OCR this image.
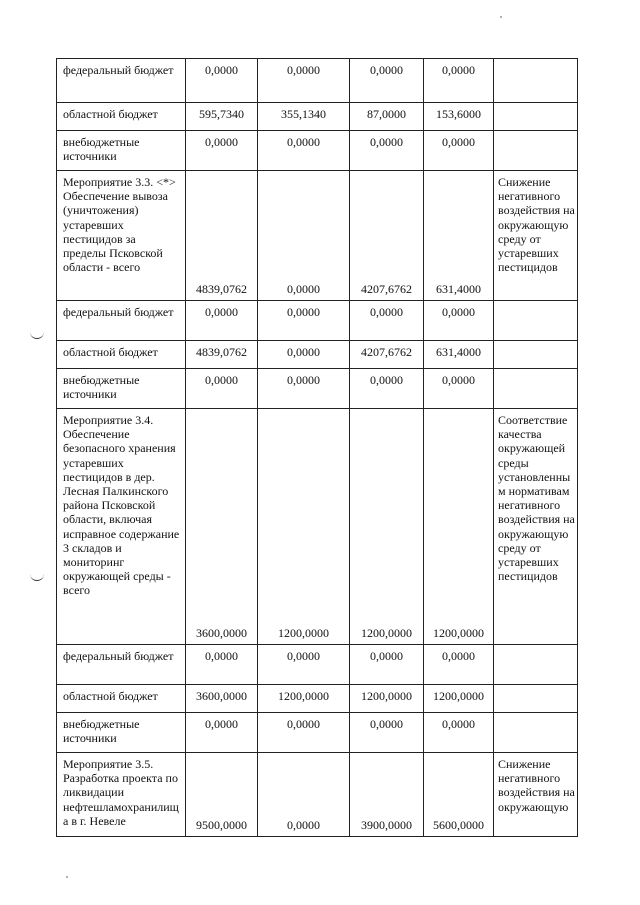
федеральный бюджет	0,0000	0,0000	0,0000	0,0000	
областной бюджет	595,7340	355,1340	87,0000	153,6000	
внебюджетные источники	0,0000	0,0000	0,0000	0,0000	
Мероприятие 3.3. <*> Обеспечение вывоза (уничтожения) устаревших пестицидов за пределы Псковской области - всего	4839,0762	0,0000	4207,6762	631,4000	Снижение негативного воздействия на окружающую среду от устаревших пестицидов
федеральный бюджет	0,0000	0,0000	0,0000	0,0000	
областной бюджет	4839,0762	0,0000	4207,6762	631,4000	
внебюджетные источники	0,0000	0,0000	0,0000	0,0000	
Мероприятие 3.4. Обеспечение безопасного хранения устаревших пестицидов в дер. Лесная Палкинского района Псковской области, включая исправное содержание 3 складов и мониторинг окружающей среды - всего	3600,0000	1200,0000	1200,0000	1200,0000	Соответствие качества окружающей среды установленны м нормативам негативного воздействия на окружающую среду от устаревших пестицидов
федеральный бюджет	0,0000	0,0000	0,0000	0,0000	
областной бюджет	3600,0000	1200,0000	1200,0000	1200,0000	
внебюджетные источники	0,0000	0,0000	0,0000	0,0000	
Мероприятие 3.5. Разработка проекта по ликвидации нефтешламохранилища в г. Невеле	9500,0000	0,0000	3900,0000	5600,0000	Снижение негативного воздействия на окружающую
